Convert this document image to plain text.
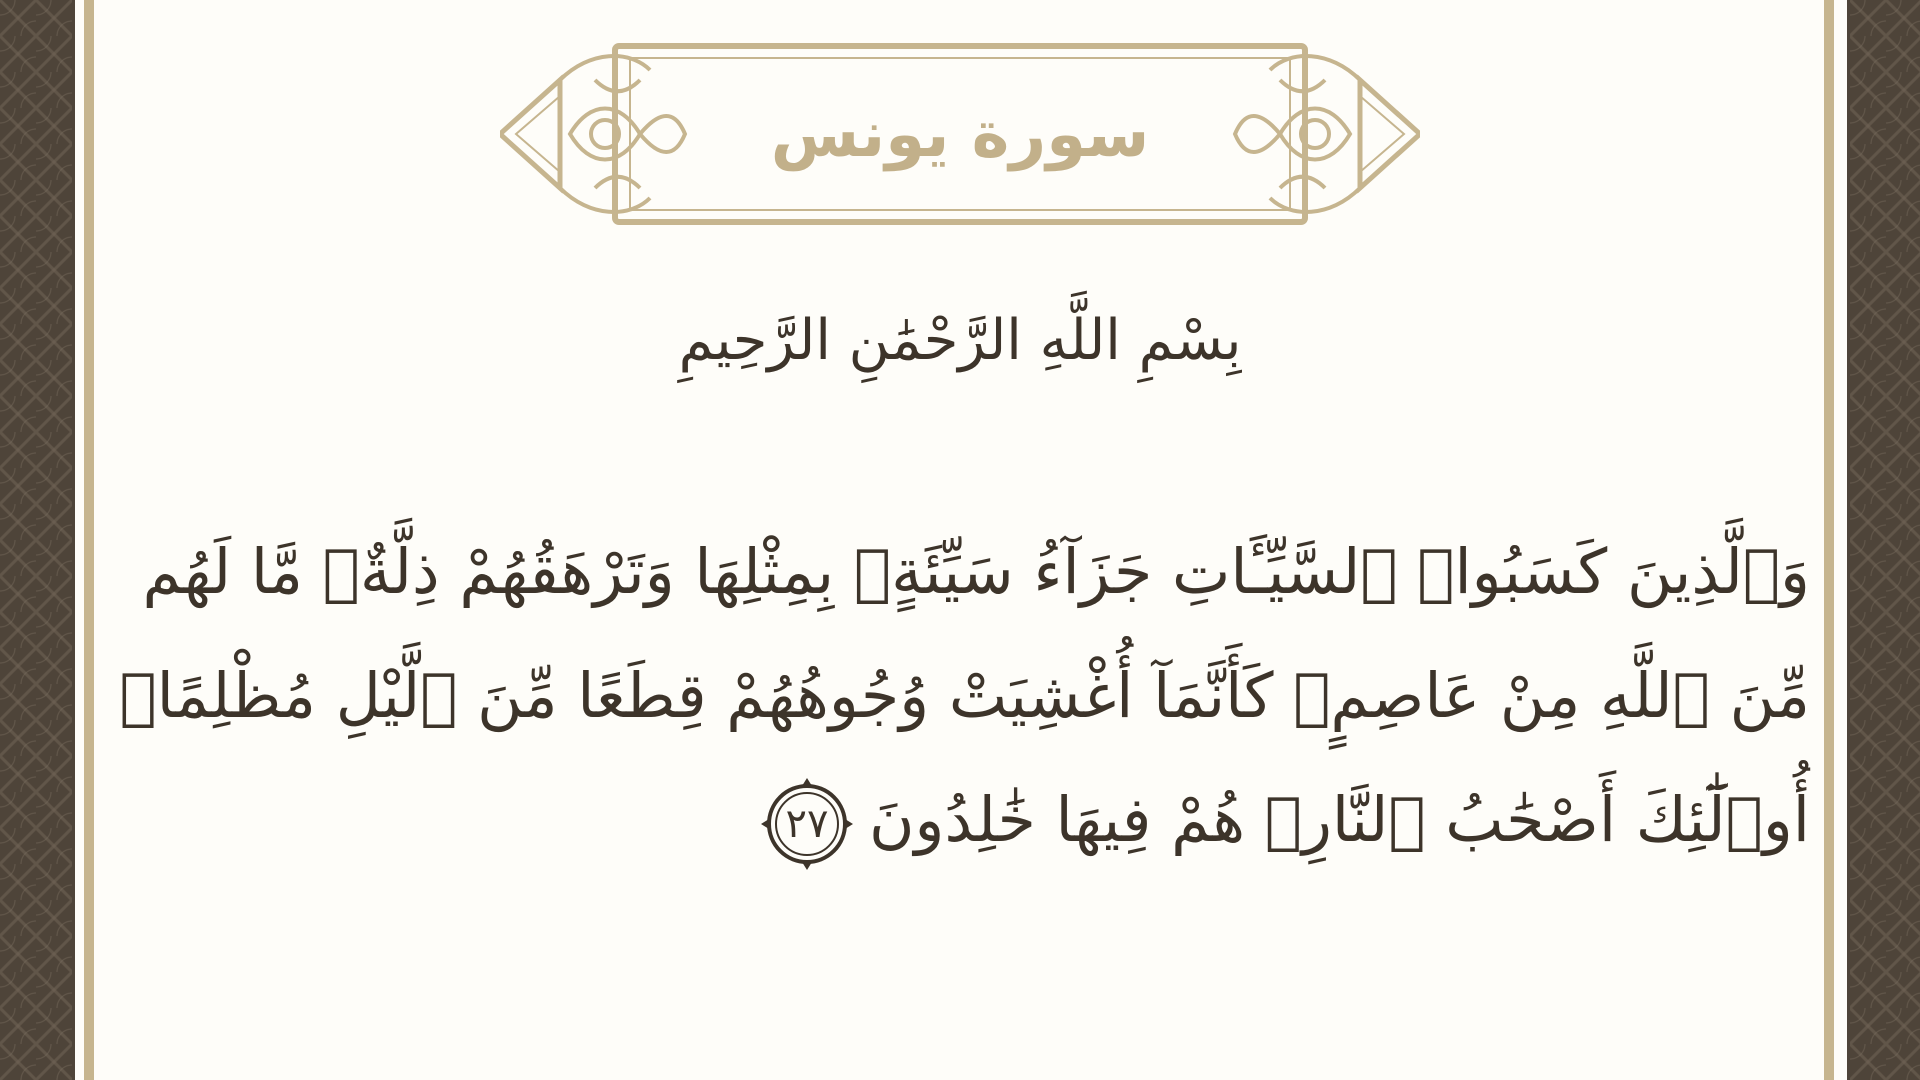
سورة يونس
بِسْمِ اللَّهِ الرَّحْمَٰنِ الرَّحِيمِ
وَٱلَّذِينَ كَسَبُوا۟ ٱلسَّيِّـَٔاتِ جَزَآءُ سَيِّئَةٍۭ بِمِثْلِهَا وَتَرْهَقُهُمْ ذِلَّةٌۖ مَّا لَهُم
مِّنَ ٱللَّهِ مِنْ عَاصِمٍۖ كَأَنَّمَآ أُغْشِيَتْ وُجُوهُهُمْ قِطَعًا مِّنَ ٱلَّيْلِ مُظْلِمًاۚ
أُو۟لَٰٓئِكَ أَصْحَٰبُ ٱلنَّارِۖ هُمْ فِيهَا خَٰلِدُونَ
٢٧
